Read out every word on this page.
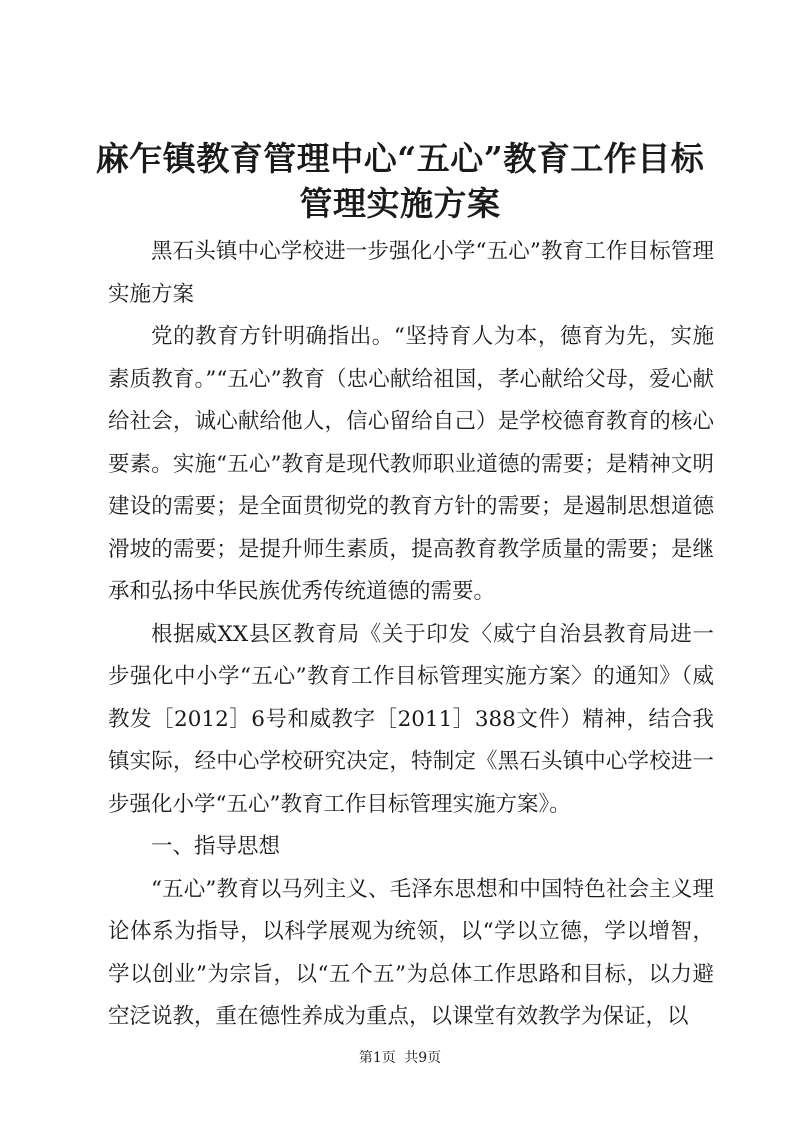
麻乍镇教育管理中心“五心”教育工作目标管理实施方案

黑石头镇中心学校进一步强化小学“五心”教育工作目标管理实施方案

党的教育方针明确指出。“坚持育人为本，德育为先，实施素质教育。”“五心”教育（忠心献给祖国，孝心献给父母，爱心献给社会，诚心献给他人，信心留给自己）是学校德育教育的核心要素。实施“五心”教育是现代教师职业道德的需要；是精神文明建设的需要；是全面贯彻党的教育方针的需要；是遏制思想道德滑坡的需要；是提升师生素质，提高教育教学质量的需要；是继承和弘扬中华民族优秀传统道德的需要。

根据威XX县区教育局《关于印发〈威宁自治县教育局进一步强化中小学“五心”教育工作目标管理实施方案〉的通知》（威教发［2012］6号和威教字［2011］388文件）精神，结合我镇实际，经中心学校研究决定，特制定《黑石头镇中心学校进一步强化小学“五心”教育工作目标管理实施方案》。

一、指导思想

“五心”教育以马列主义、毛泽东思想和中国特色社会主义理论体系为指导，以科学展观为统领，以“学以立德，学以增智，学以创业”为宗旨，以“五个五”为总体工作思路和目标，以力避空泛说教，重在德性养成为重点，以课堂有效教学为保证，以

第1页 共9页
